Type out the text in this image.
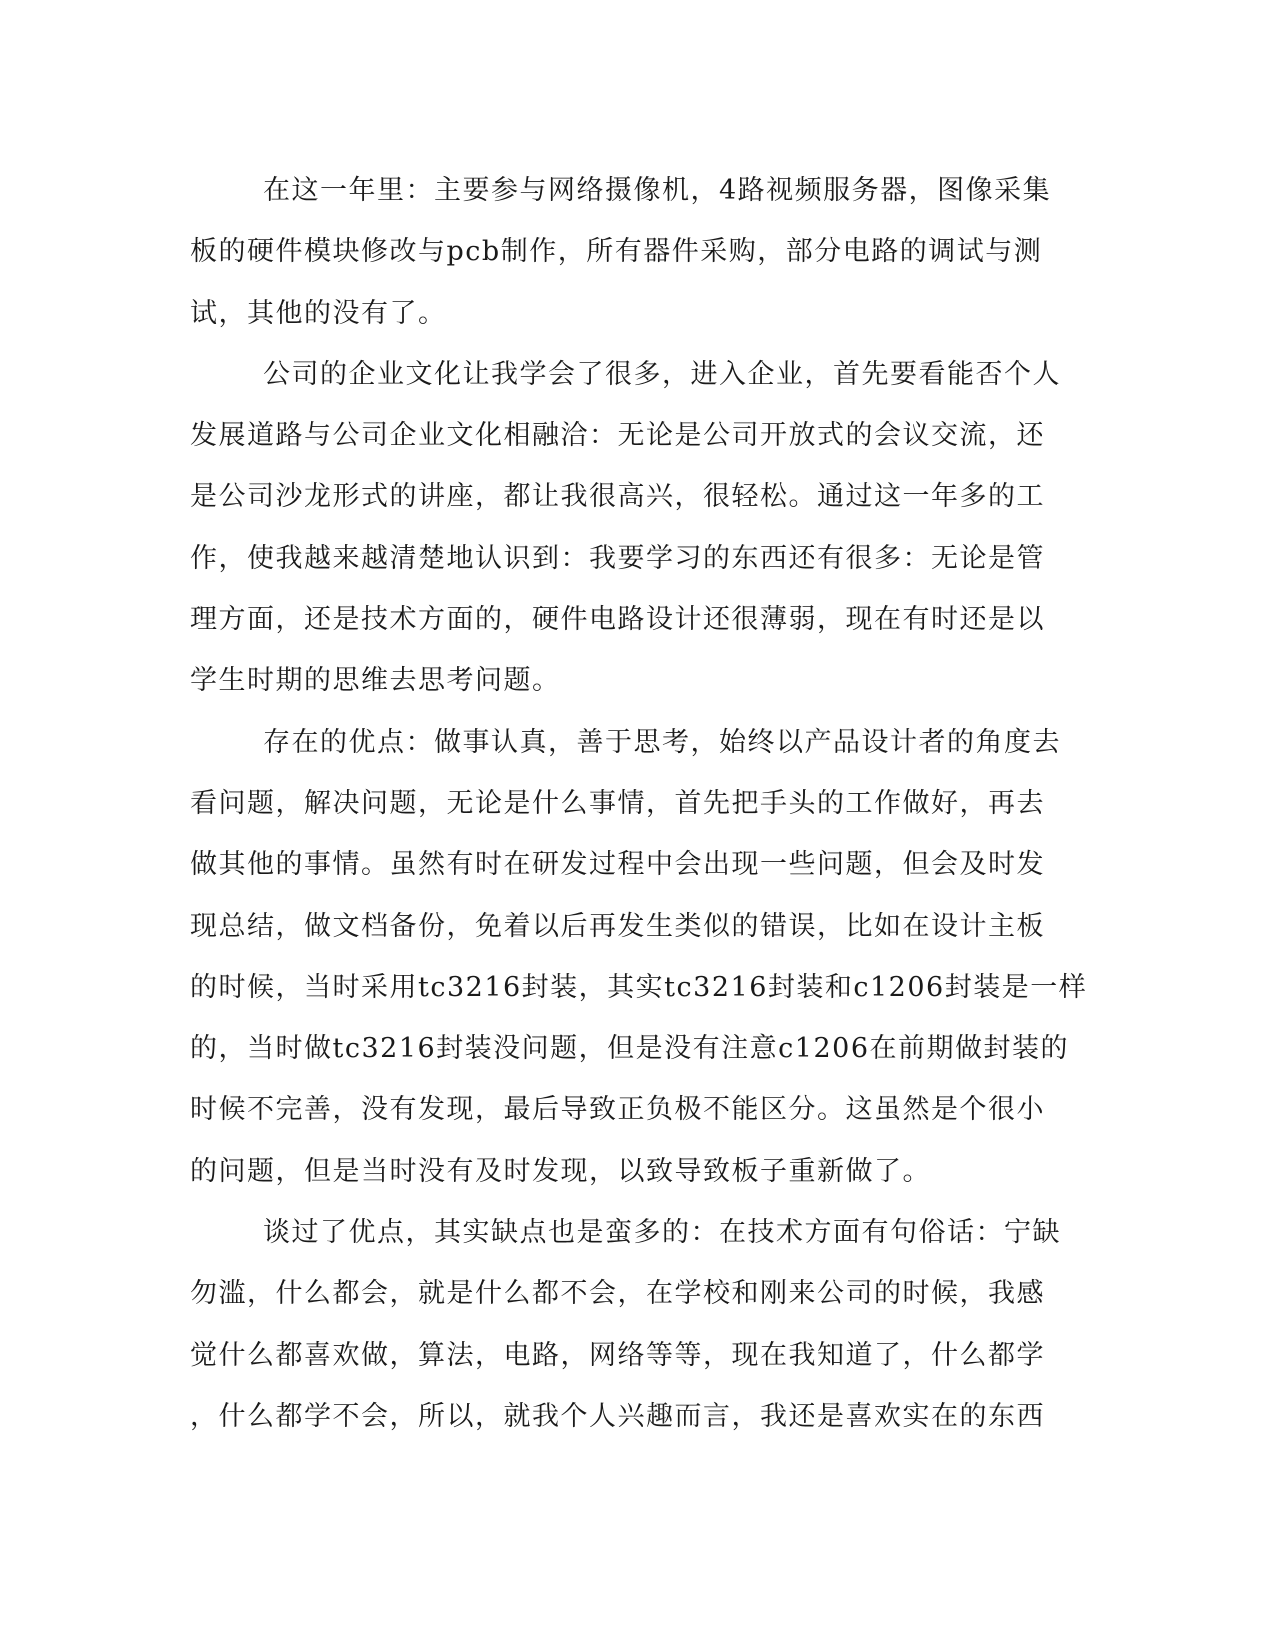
在这一年里：主要参与网络摄像机，4路视频服务器，图像采集
板的硬件模块修改与pcb制作，所有器件采购，部分电路的调试与测
试，其他的没有了。
公司的企业文化让我学会了很多，进入企业，首先要看能否个人
发展道路与公司企业文化相融洽：无论是公司开放式的会议交流，还
是公司沙龙形式的讲座，都让我很高兴，很轻松。通过这一年多的工
作，使我越来越清楚地认识到：我要学习的东西还有很多：无论是管
理方面，还是技术方面的，硬件电路设计还很薄弱，现在有时还是以
学生时期的思维去思考问题。
存在的优点：做事认真，善于思考，始终以产品设计者的角度去
看问题，解决问题，无论是什么事情，首先把手头的工作做好，再去
做其他的事情。虽然有时在研发过程中会出现一些问题，但会及时发
现总结，做文档备份，免着以后再发生类似的错误，比如在设计主板
的时候，当时采用tc3216封装，其实tc3216封装和c1206封装是一样
的，当时做tc3216封装没问题，但是没有注意c1206在前期做封装的
时候不完善，没有发现，最后导致正负极不能区分。这虽然是个很小
的问题，但是当时没有及时发现，以致导致板子重新做了。
谈过了优点，其实缺点也是蛮多的：在技术方面有句俗话：宁缺
勿滥，什么都会，就是什么都不会，在学校和刚来公司的时候，我感
觉什么都喜欢做，算法，电路，网络等等，现在我知道了，什么都学
，什么都学不会，所以，就我个人兴趣而言，我还是喜欢实在的东西
